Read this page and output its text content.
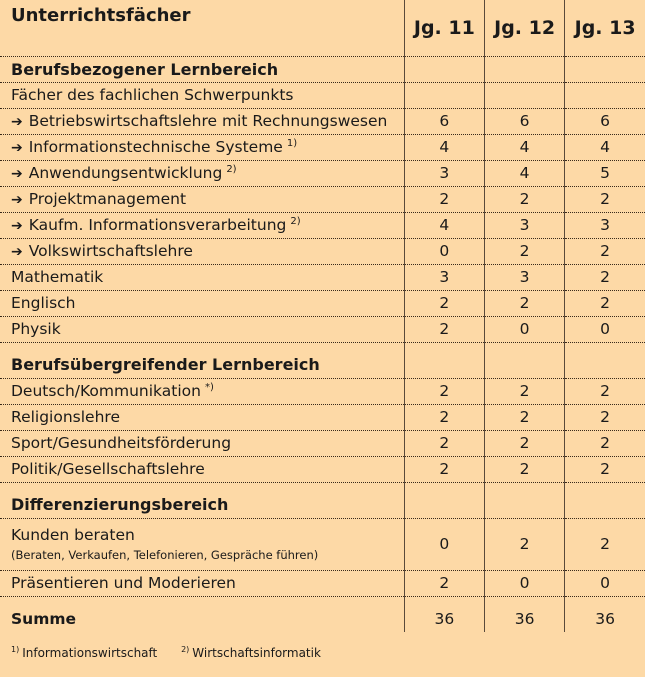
Unterrichtsfächer	Jg. 11	Jg. 12	Jg. 13
Berufsbezogener Lernbereich			
Fächer des fachlichen Schwerpunkts			
➔ Betriebswirtschaftslehre mit Rechnungswesen	6	6	6
➔ Informationstechnische Systeme $^{1)}$	4	4	4
➔ Anwendungsentwicklung $^{2)}$	3	4	5
➔ Projektmanagement	2	2	2
➔ Kaufm. Informationsverarbeitung $^{2)}$	4	3	3
➔ Volkswirtschaftslehre	0	2	2
Mathematik	3	3	2
Englisch	2	2	2
Physik	2	0	0

Berufsübergreifender Lernbereich			
Deutsch/Kommunikation *)	2	2	2
Religionslehre	2	2	2
Sport/Gesundheitsförderung	2	2	2
Politik/Gesellschaftslehre	2	2	2

Differenzierungsbereich			
Kunden beraten
(Beraten, Verkaufen, Telefonieren, Gespräche führen)	0	2	2
Präsentieren und Moderieren	2	0	0

Summe	36	36	36
$^{1)}$ Informationswirtschaft	$^{2)}$ Wirtschaftsinformatik
